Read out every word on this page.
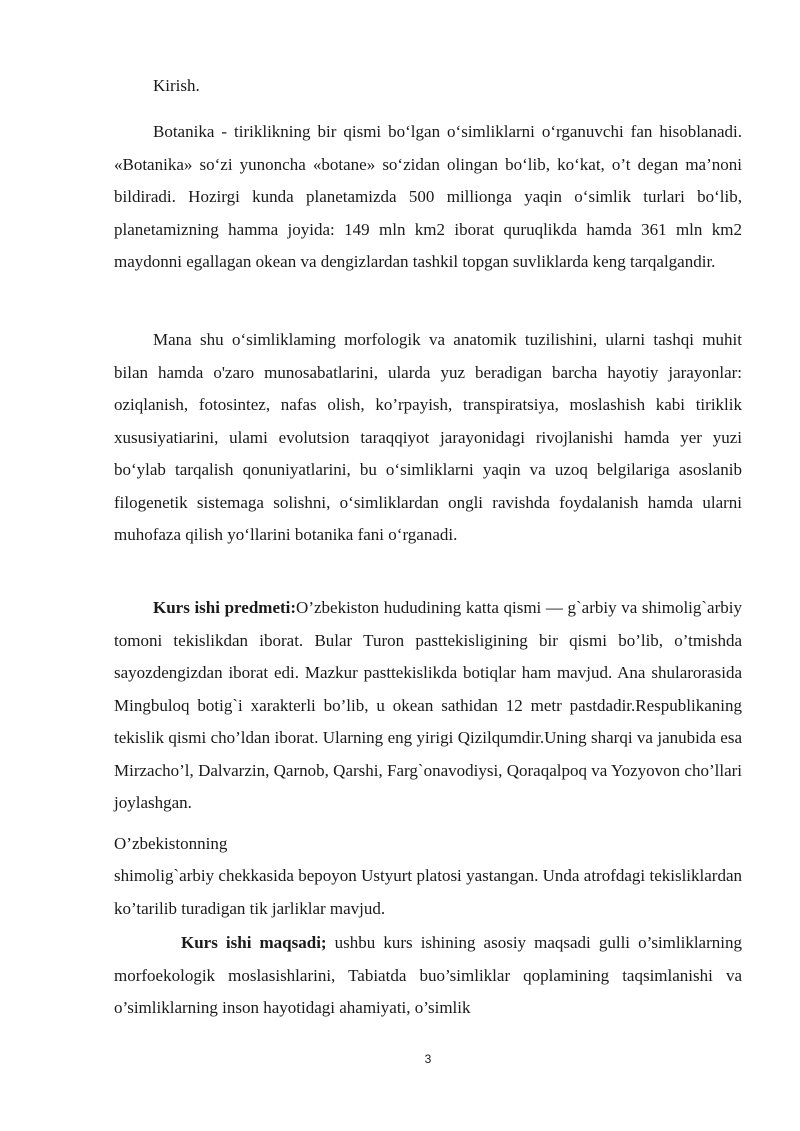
Kirish.

Botanika - tiriklikning bir qismi bo‘lgan o‘simliklarni o‘rganuvchi fan hisoblanadi. «Botanika» so‘zi yunoncha «botane» so‘zidan olingan bo‘lib, ko‘kat, o’t degan ma’noni bildiradi. Hozirgi kunda planetamizda 500 millionga yaqin o‘simlik turlari bo‘lib, planetamizning hamma joyida: 149 mln km2 iborat quruqlikda hamda 361 mln km2 maydonni egallagan okean va dengizlardan tashkil topgan suvliklarda keng tarqalgandir.

Mana shu o‘simliklaming morfologik va anatomik tuzilishini, ularni tashqi muhit bilan hamda o'zaro munosabatlarini, ularda yuz beradigan barcha hayotiy jarayonlar: oziqlanish, fotosintez, nafas olish, ko’rpayish, transpiratsiya, moslashish kabi tiriklik xususiyatiarini, ulami evolutsion taraqqiyot jarayonidagi rivojlanishi hamda yer yuzi bo‘ylab tarqalish qonuniyatlarini, bu o‘simliklarni yaqin va uzoq belgilariga asoslanib filogenetik sistemaga solishni, o‘simliklardan ongli ravishda foydalanish hamda ularni muhofaza qilish yo‘llarini botanika fani o‘rganadi.

Kurs ishi predmeti:O’zbekiston hududining katta qismi — g`arbiy va shimolig`arbiy tomoni tekislikdan iborat. Bular Turon pasttekisligining bir qismi bo’lib, o’tmishda sayozdengizdan iborat edi. Mazkur pasttekislikda botiqlar ham mavjud. Ana shularorasida Mingbuloq botig`i xarakterli bo’lib, u okean sathidan 12 metr pastdadir.Respublikaning tekislik qismi cho’ldan iborat. Ularning eng yirigi Qizilqumdir.Uning sharqi va janubida esa Mirzacho’l, Dalvarzin, Qarnob, Qarshi, Farg`onavodiysi, Qoraqalpoq va Yozyovon cho’llari joylashgan.

O’zbekistonning

shimolig`arbiy chekkasida bepoyon Ustyurt platosi yastangan. Unda atrofdagi tekisliklardan ko’tarilib turadigan tik jarliklar mavjud.

Kurs ishi maqsadi; ushbu kurs ishining asosiy maqsadi gulli o’simliklarning morfoekologik moslasishlarini, Tabiatda buo’simliklar qoplamining taqsimlanishi va o’simliklarning inson hayotidagi ahamiyati, o’simlik

3
